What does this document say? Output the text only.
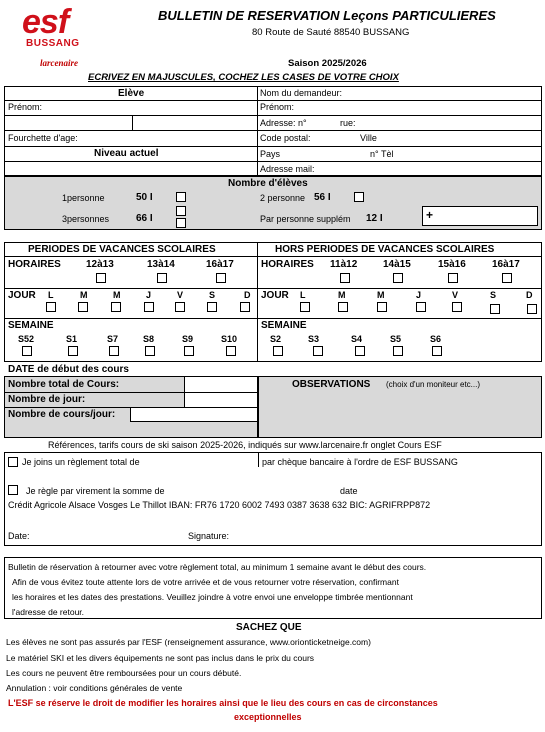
esf
BUSSANG
BULLETIN DE RESERVATION Leçons PARTICULIERES
80 Route de Sauté 88540 BUSSANG
larcenaire	Saison 2025/2026
ECRIVEZ EN MAJUSCULES, COCHEZ LES CASES DE VOTRE CHOIX
Elève
Prénom:
Fourchette d'age:
Niveau actuel
Nom du demandeur:
Prénom:
Adresse: n°	rue:
Code postal:	Ville
Pays	n° Tèl
Adresse mail:
Nombre d'élèves
1personne	50 I
3personnes	66 I
2 personne 56 I
Par personne supplém 12 I	+
PERIODES DE VACANCES SCOLAIRES	HORS PERIODES DE VACANCES SCOLAIRES
HORAIRES	12à13	13à14	16à17
JOUR L	M	M	J	V	S	D
SEMAINE
S52	S1	S7	S8	S9	S10
HORAIRES 11à12	14à15	15à16	16à17
JOUR L	M	M	J	V	S	D
SEMAINE
S2	S3	S4	S5	S6
DATE de début des cours
Nombre total de Cours:
Nombre de jour:
Nombre de cours/jour:
OBSERVATIONS (choix d'un moniteur etc...)
Références, tarifs cours de ski saison 2025-2026, indiqués sur www.larcenaire.fr onglet Cours ESF
Je joins un règlement total de	par chèque bancaire à l'ordre de ESF BUSSANG
Je règle par virement la somme de	date
Crédit Agricole Alsace Vosges Le Thillot IBAN: FR76 1720 6002 7493 0387 3638 632 BIC: AGRIFRPP872
Date:	Signature:
Bulletin de réservation à retourner avec votre règlement total, au minimum 1 semaine avant le début des cours.
Afin de vous évitez toute attente lors de votre arrivée et de vous retourner votre réservation, confirmant
les horaires et les dates des prestations. Veuillez joindre à votre envoi une enveloppe timbrée mentionnant
l'adresse de retour.
SACHEZ QUE
Les élèves ne sont pas assurés par l'ESF (renseignement assurance, www.orionticketneige.com)
Le matériel SKI et les divers équipements ne sont pas inclus dans le prix du cours
Les cours ne peuvent être remboursées pour un cours débuté.
Annulation : voir conditions générales de vente
L'ESF se réserve le droit de modifier les horaires ainsi que le lieu des cours en cas de circonstances
exceptionnelles
